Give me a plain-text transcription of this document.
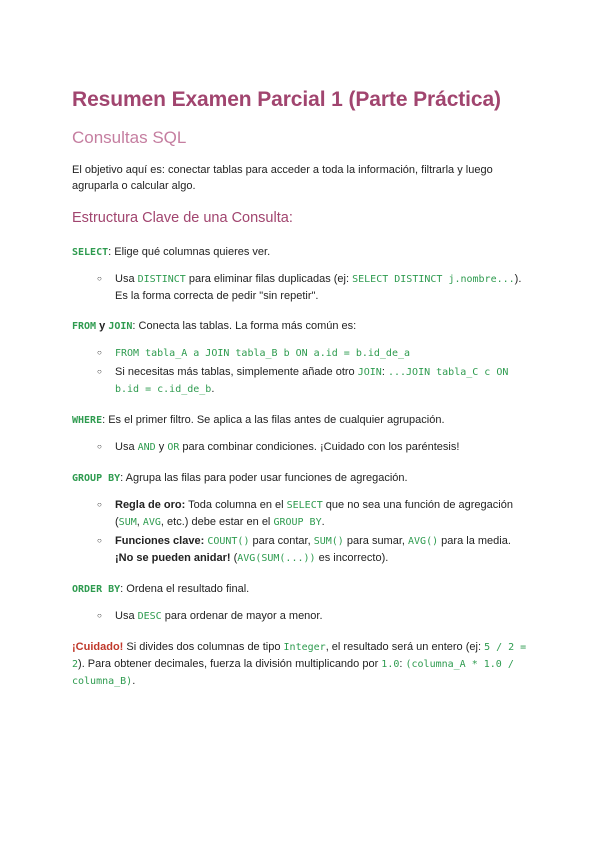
Resumen Examen Parcial 1 (Parte Práctica)
Consultas SQL

El objetivo aquí es: conectar tablas para acceder a toda la información, filtrarla y luego agruparla o calcular algo.

Estructura Clave de una Consulta:

SELECT: Elige qué columnas quieres ver.

○ Usa DISTINCT para eliminar filas duplicadas (ej: SELECT DISTINCT j.nombre...). Es la forma correcta de pedir "sin repetir".

FROM y JOIN: Conecta las tablas. La forma más común es:

○ FROM tabla_A a JOIN tabla_B b ON a.id = b.id_de_a
○ Si necesitas más tablas, simplemente añade otro JOIN: ...JOIN tabla_C c ON b.id = c.id_de_b.

WHERE: Es el primer filtro. Se aplica a las filas antes de cualquier agrupación.

○ Usa AND y OR para combinar condiciones. ¡Cuidado con los paréntesis!

GROUP BY: Agrupa las filas para poder usar funciones de agregación.

○ Regla de oro: Toda columna en el SELECT que no sea una función de agregación (SUM, AVG, etc.) debe estar en el GROUP BY.
○ Funciones clave: COUNT() para contar, SUM() para sumar, AVG() para la media. ¡No se pueden anidar! (AVG(SUM(...)) es incorrecto).

ORDER BY: Ordena el resultado final.

○ Usa DESC para ordenar de mayor a menor.

¡Cuidado! Si divides dos columnas de tipo Integer, el resultado será un entero (ej: 5 / 2 = 2). Para obtener decimales, fuerza la división multiplicando por 1.0: (columna_A * 1.0 / columna_B).
